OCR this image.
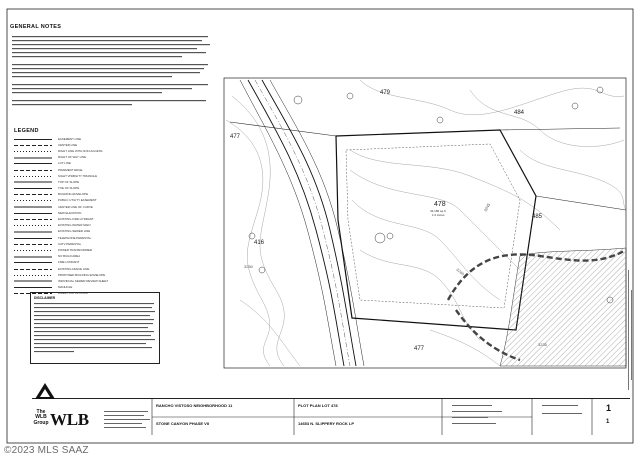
GENERAL NOTES
LEGEND
EASEMENT LINE
CENTER LINE
RIGHT LINE WITH NON-ACCESS
RIGHT OF WAY LINE
LOT LINE
PAVEMENT EDGE
SIGHT VISIBILITY TRIANGLE
TOP OF SLOPE
TOE OF SLOPE
BUILDING ENVELOPE
PUBLIC UTILITY EASEMENT
CENTER LINE OF CURVE
NEW ELEVATION
EXISTING FIRE HYDRANT
EXISTING WATER MAIN
EXISTING SEWER LINE
TELEPHONE PEDESTAL
CATV PEDESTAL
POWER TRANSFORMER
NO BUILD AREA
FIRE HYDRANT
EXISTING FENCE LINE
PROPOSED BUILDING ENVELOPE
INDIVIDUAL SEWER REVIEW SHEET
MANHOLE
DIRECTION OF FLOW
DISCLAIMER
479
484
477
478
485
416
477
43,186 sq.ft.
1.0 Acres
3250
3245
3240
3235
RANCHO VISTOSO NEIGHBORHOOD 11
STONE CANYON PHASE VII
PLOT PLAN LOT 478
14653 N. SLIPPERY ROCK LP
1
1
The WLB Group WLB
©2023 MLS SAAZ
